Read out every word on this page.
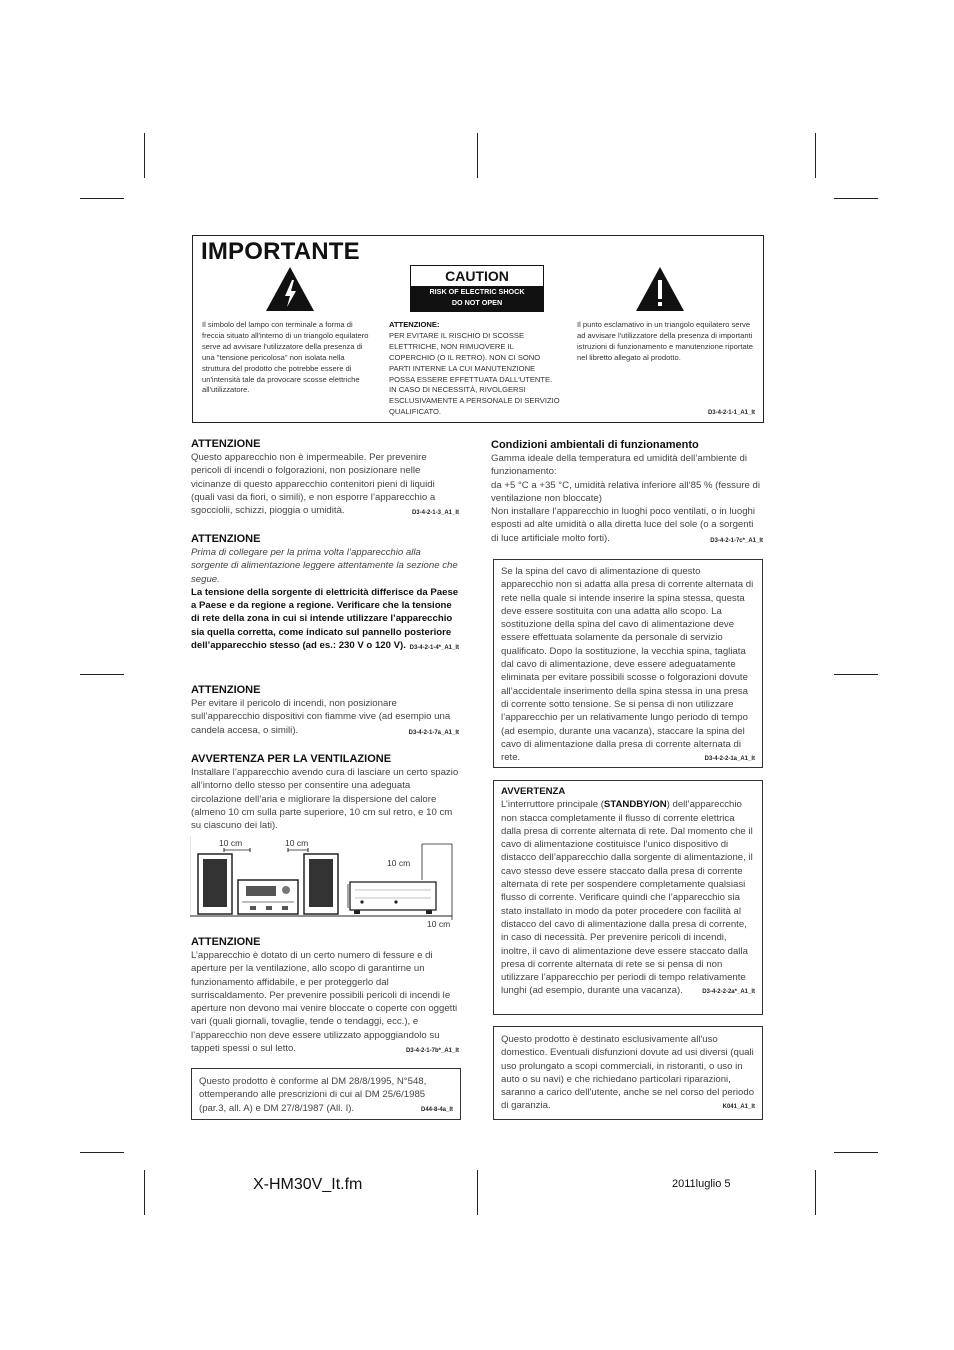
IMPORTANTE
CAUTION
RISK OF ELECTRIC SHOCK
DO NOT OPEN
Il simbolo del lampo con terminale a forma di freccia situato all'interno di un triangolo equilatero serve ad avvisare l'utilizzatore della presenza di una "tensione pericolosa" non isolata nella struttura del prodotto che potrebbe essere di un'intensità tale da provocare scosse elettriche all'utilizzatore.
ATTENZIONE:
PER EVITARE IL RISCHIO DI SCOSSE ELETTRICHE, NON RIMUOVERE IL COPERCHIO (O IL RETRO). NON CI SONO PARTI INTERNE LA CUI MANUTENZIONE POSSA ESSERE EFFETTUATA DALL'UTENTE. IN CASO DI NECESSITÀ, RIVOLGERSI ESCLUSIVAMENTE A PERSONALE DI SERVIZIO QUALIFICATO.
Il punto esclamativo in un triangolo equilatero serve ad avvisare l'utilizzatore della presenza di importanti istruzioni di funzionamento e manutenzione riportate nel libretto allegato al prodotto.
D3-4-2-1-1_A1_It
ATTENZIONE

Questo apparecchio non è impermeabile. Per prevenire pericoli di incendi o folgorazioni, non posizionare nelle vicinanze di questo apparecchio contenitori pieni di liquidi (quali vasi da fiori, o simili), e non esporre l’apparecchio a sgocciolii, schizzi, pioggia o umidità.	D3-4-2-1-3_A1_It

ATTENZIONE

Prima di collegare per la prima volta l’apparecchio alla sorgente di alimentazione leggere attentamente la sezione che segue.

La tensione della sorgente di elettricità differisce da Paese a Paese e da regione a regione. Verificare che la tensione di rete della zona in cui si intende utilizzare l’apparecchio sia quella corretta, come indicato sul pannello posteriore dell’apparecchio stesso (ad es.: 230 V o 120 V). D3-4-2-1-4*_A1_It

ATTENZIONE

Per evitare il pericolo di incendi, non posizionare sull’apparecchio dispositivi con fiamme vive (ad esempio una candela accesa, o simili).	D3-4-2-1-7a_A1_It

AVVERTENZA PER LA VENTILAZIONE

Installare l’apparecchio avendo cura di lasciare un certo spazio all’intorno dello stesso per consentire una adeguata circolazione dell’aria e migliorare la dispersione del calore (almeno 10 cm sulla parte superiore, 10 cm sul retro, e 10 cm su ciascuno dei lati).

10 cm	10 cm
10 cm
10 cm
ATTENZIONE

L’apparecchio è dotato di un certo numero di fessure e di aperture per la ventilazione, allo scopo di garantirne un funzionamento affidabile, e per proteggerlo dal surriscaldamento. Per prevenire possibili pericoli di incendi le aperture non devono mai venire bloccate o coperte con oggetti vari (quali giornali, tovaglie, tende o tendaggi, ecc.), e l’apparecchio non deve essere utilizzato appoggiandolo su tappeti spessi o sul letto.	D3-4-2-1-7b*_A1_It

Questo prodotto è conforme al DM 28/8/1995, N°548, ottemperando alle prescrizioni di cui al DM 25/6/1985 (par.3, all. A) e DM 27/8/1987 (All. I).	D44-8-4a_It
Condizioni ambientali di funzionamento

Gamma ideale della temperatura ed umidità dell’ambiente di funzionamento:

da +5 °C a +35 °C, umidità relativa inferiore all‘85 % (fessure di ventilazione non bloccate)

Non installare l’apparecchio in luoghi poco ventilati, o in luoghi esposti ad alte umidità o alla diretta luce del sole (o a sorgenti di luce artificiale molto forti).	D3-4-2-1-7c*_A1_It

Se la spina del cavo di alimentazione di questo apparecchio non si adatta alla presa di corrente alternata di rete nella quale si intende inserire la spina stessa, questa deve essere sostituita con una adatta allo scopo. La sostituzione della spina del cavo di alimentazione deve essere effettuata solamente da personale di servizio qualificato. Dopo la sostituzione, la vecchia spina, tagliata dal cavo di alimentazione, deve essere adeguatamente eliminata per evitare possibili scosse o folgorazioni dovute all’accidentale inserimento della spina stessa in una presa di corrente sotto tensione. Se si pensa di non utilizzare l’apparecchio per un relativamente lungo periodo di tempo (ad esempio, durante una vacanza), staccare la spina del cavo di alimentazione dalla presa di corrente alternata di rete.	D3-4-2-2-1a_A1_It
AVVERTENZA
L’interruttore principale (STANDBY/ON) dell’apparecchio non stacca completamente il flusso di corrente elettrica dalla presa di corrente alternata di rete. Dal momento che il cavo di alimentazione costituisce l’unico dispositivo di distacco dell’apparecchio dalla sorgente di alimentazione, il cavo stesso deve essere staccato dalla presa di corrente alternata di rete per sospendere completamente qualsiasi flusso di corrente. Verificare quindi che l’apparecchio sia stato installato in modo da poter procedere con facilità al distacco del cavo di alimentazione dalla presa di corrente, in caso di necessità. Per prevenire pericoli di incendi, inoltre, il cavo di alimentazione deve essere staccato dalla presa di corrente alternata di rete se si pensa di non utilizzare l’apparecchio per periodi di tempo relativamente lunghi (ad esempio, durante una vacanza).	D3-4-2-2-2a*_A1_It
Questo prodotto è destinato esclusivamente all'uso domestico. Eventuali disfunzioni dovute ad usi diversi (quali uso prolungato a scopi commerciali, in ristoranti, o uso in auto o su navi) e che richiedano particolari riparazioni, saranno a carico dell'utente, anche se nel corso del periodo di garanzia.	K041_A1_It
X-HM30V_It.fm	2011luglio 5
